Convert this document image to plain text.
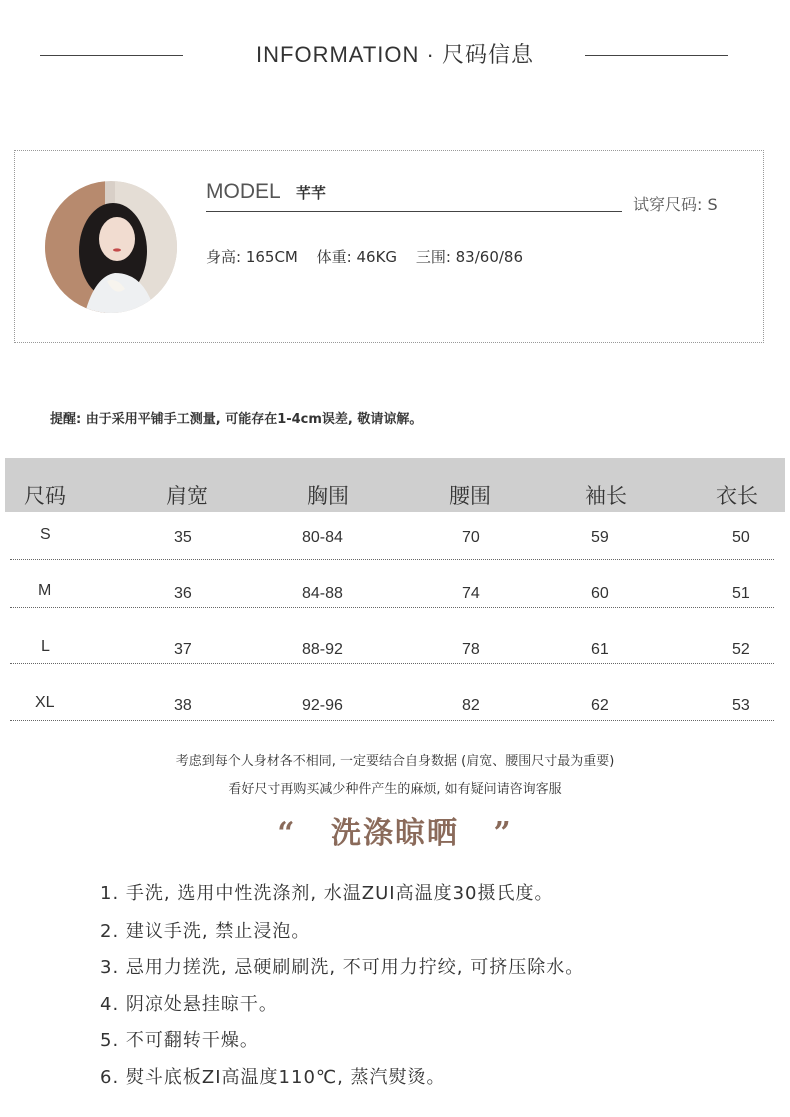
INFORMATION · 尺码信息
MODEL 芊芊
试穿尺码: S
身高: 165CM 体重: 46KG 三围: 83/60/86
提醒: 由于采用平铺手工测量, 可能存在1-4cm误差, 敬请谅解。
尺码	肩宽	胸围	腰围	袖长	衣长
S	35	80-84	70	59	50
M	36	84-88	74	60	51
L	37	88-92	78	61	52
XL	38	92-96	82	62	53
考虑到每个人身材各不相同, 一定要结合自身数据 (肩宽、腰围尺寸最为重要)
看好尺寸再购买减少种件产生的麻烦, 如有疑问请咨询客服
“ 洗涤晾晒 ”
1. 手洗, 选用中性洗涤剂, 水温ZUI高温度30摄氏度。
2. 建议手洗, 禁止浸泡。
3. 忌用力搓洗, 忌硬刷刷洗, 不可用力拧绞, 可挤压除水。
4. 阴凉处悬挂晾干。
5. 不可翻转干燥。
6. 熨斗底板ZI高温度110℃, 蒸汽熨烫。
